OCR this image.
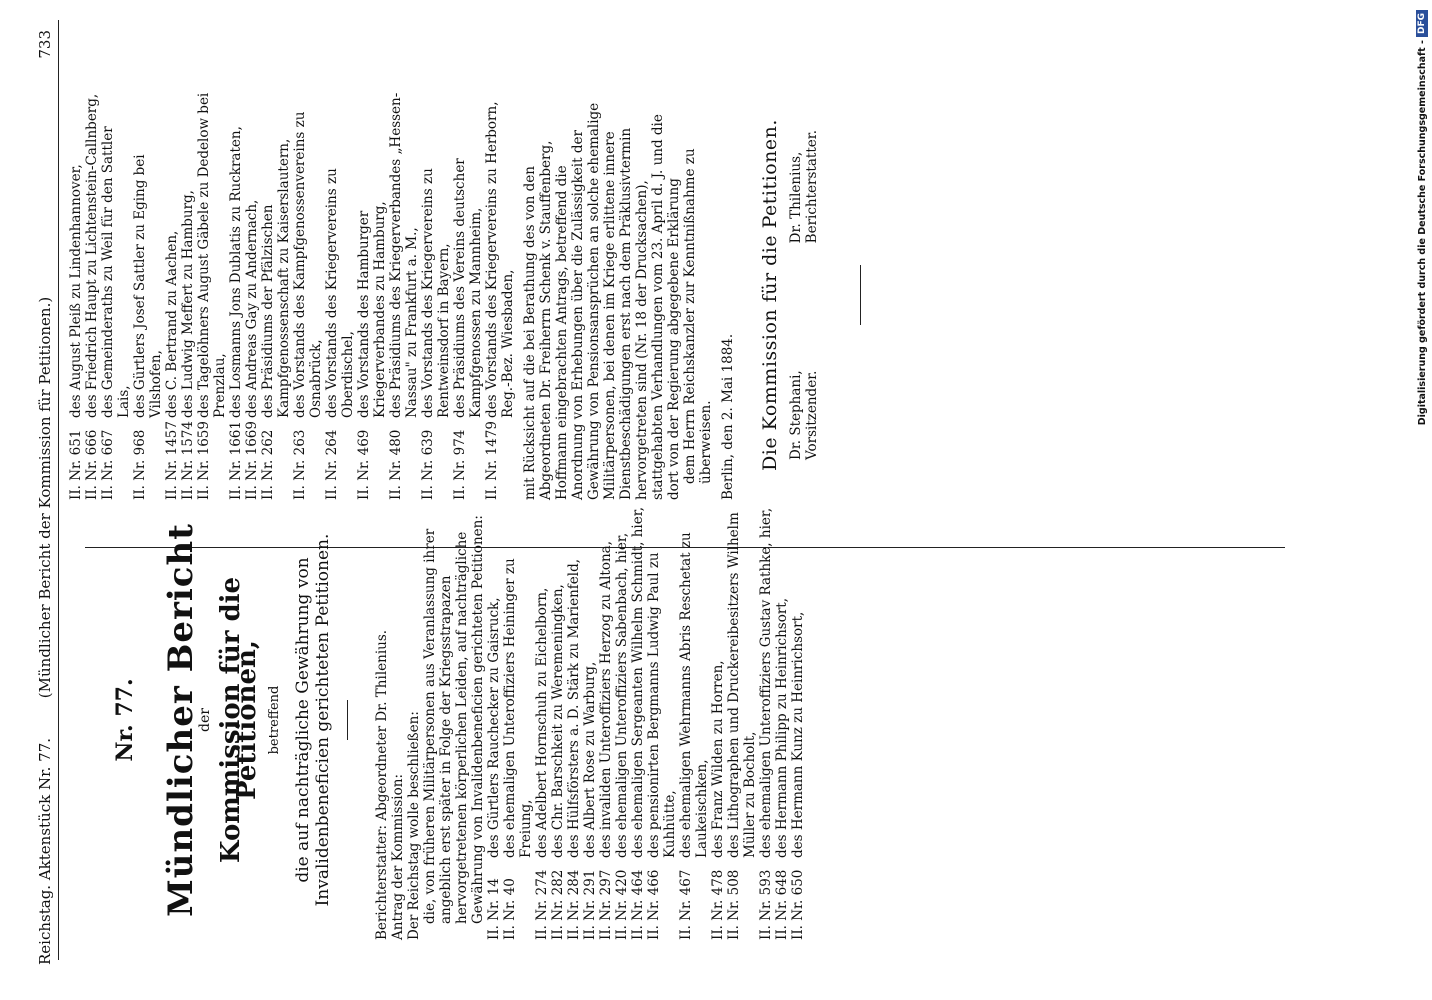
Reichstag. Aktenstück Nr. 77.
(Mündlicher Bericht der Kommission für Petitionen.)
733
Nr. 77. Mündlicher Bericht
der Kommission für die Petitionen, betreffend die auf nachträgliche Gewährung von Invalidenbeneficien gerichteten Petitionen.	Berichterstatter: Abgeordneter Dr. Thilenius. Antrag der Kommission: Der Reichstag wolle beschließen: die, von früheren Militärpersonen aus Veranlassung ihrer angeblich erst später in Folge der Kriegsstrapazen hervorgetretenen körperlichen Leiden, auf nachträgliche Gewährung von Invalidenbeneficien gerichteten Petitionen: II. Nr. 14
des Gürtlers Rauchecker zu Gaisruck,
II. Nr. 40
des ehemaligen Unteroffiziers Heininger zu Freiung,
II. Nr. 274
des Adelbert Hornschuh zu Eichelborn,
II. Nr. 282
des Chr. Barschkeit zu Weremeningken,
II. Nr. 284
des Hülfsförsters a. D. Stärk zu Marienfeld,
II. Nr. 291
des Albert Rose zu Warburg,
II. Nr. 297
des invaliden Unteroffiziers Herzog zu Altona,
II. Nr. 420
des ehemaligen Unteroffiziers Sabenbach, hier,
II. Nr. 464
des ehemaligen Sergeanten Wilhelm Schmidt, hier,
II. Nr. 466
des pensionirten Bergmanns Ludwig Paul zu Kuhhütte,
II. Nr. 467
des ehemaligen Wehrmanns Abris Reschetat zu Laukeischken,
II. Nr. 478
des Franz Wilden zu Horren,
II. Nr. 508
des Lithographen und Druckereibesitzers Wilhelm Müller zu Bocholt,
II. Nr. 593
des ehemaligen Unteroffiziers Gustav Rathke, hier,
II. Nr. 648
des Hermann Philipp zu Heinrichsort,
II. Nr. 650
des Hermann Kunz zu Heinrichsort,
II. Nr. 651
des August Pleiß zu Lindenhannover,
II. Nr. 666
des Friedrich Haupt zu Lichtenstein-Callnberg,
II. Nr. 667
des Gemeinderaths zu Weil für den Sattler Lais,
II. Nr. 968
des Gürtlers Josef Sattler zu Eging bei Vilshofen,
II. Nr. 1457
des C. Bertrand zu Aachen,
II. Nr. 1574
des Ludwig Meffert zu Hamburg,
II. Nr. 1659
des Tagelöhners August Gäbele zu Dedelow bei Prenzlau,
II. Nr. 1661
des Losmanns Jons Dublatis zu Ruckraten,
II. Nr. 1669
des Andreas Gay zu Andernach,
II. Nr. 262
des Präsidiums der Pfälzischen Kampfgenossenschaft zu Kaiserslautern,
II. Nr. 263
des Vorstands des Kampfgenossenvereins zu Osnabrück,
II. Nr. 264
des Vorstands des Kriegervereins zu Oberdischel,
II. Nr. 469
des Vorstands des Hamburger Kriegerverbandes zu Hamburg,
II. Nr. 480
des Präsidiums des Kriegerverbandes „Hessen-Nassau" zu Frankfurt a. M.,
II. Nr. 639
des Vorstands des Kriegervereins zu Rentweinsdorf in Bayern,
II. Nr. 974
des Präsidiums des Vereins deutscher Kampfgenossen zu Mannheim,
II. Nr. 1479
des Vorstands des Kriegervereins zu Herborn, Reg.-Bez. Wiesbaden, mit Rücksicht auf die bei Berathung des von den Abgeordneten Dr. Freiherrn Schenk v. Stauffenberg, Hoffmann eingebrachten Antrags, betreffend die Anordnung von Erhebungen über die Zulässigkeit der Gewährung von Pensionsansprüchen an solche ehemalige Militärpersonen, bei denen im Kriege erlittene innere Dienstbeschädigungen erst nach dem Präklusivtermin hervorgetreten sind (Nr. 18 der Drucksachen), stattgehabten Verhandlungen vom 23. April d. J. und die dort von der Regierung abgegebene Erklärung dem Herrn Reichskanzler zur Kenntnißnahme zu überweisen. Berlin, den 2. Mai 1884. Die Kommission für die Petitionen. Dr. Stephani, Vorsitzender.
Dr. Thilenius, Berichterstatter.	Digitalisierung gefördert durch die Deutsche Forschungsgemeinschaft -
DFG
